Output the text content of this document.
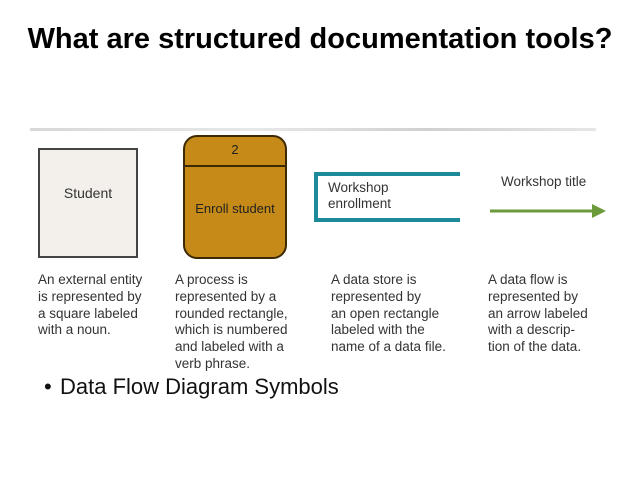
What are structured documentation tools?
Student
2
Enroll student
Workshop
enrollment
Workshop title
An external entity
is represented by
a square labeled
with a noun.
A process is
represented by a
rounded rectangle,
which is numbered
and labeled with a
verb phrase.
A data store is
represented by
an open rectangle
labeled with the
name of a data file.
A data flow is
represented by
an arrow labeled
with a descrip-
tion of the data.
• Data Flow Diagram Symbols
